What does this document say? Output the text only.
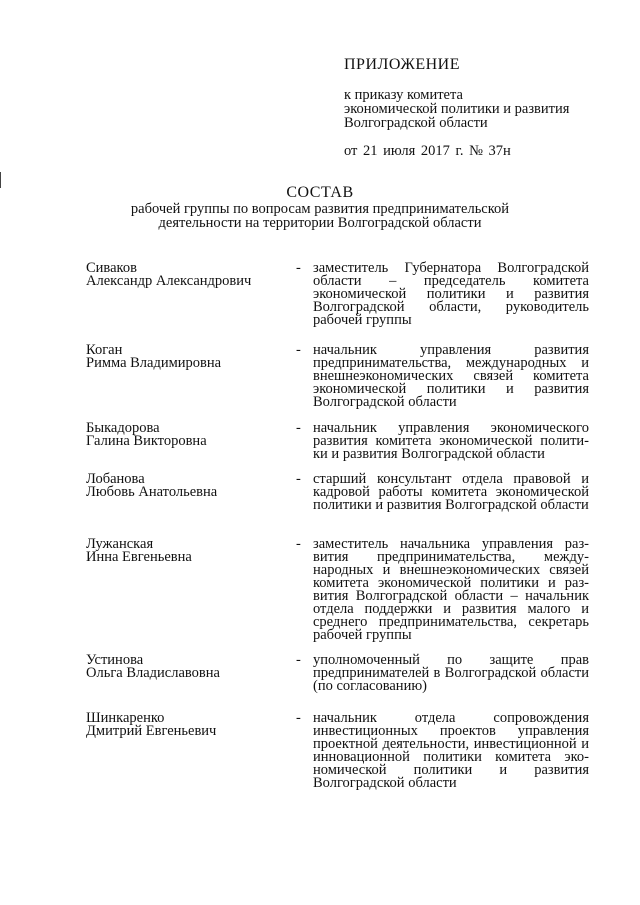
ПРИЛОЖЕНИЕ
к приказу комитета
экономической политики и развития
Волгоградской области
от 21 июля 2017 г. № 37н
СОСТАВ
рабочей группы по вопросам развития предпринимательской
деятельности на территории Волгоградской области
Сиваков
Александр Александрович
- заместитель Губернатора Волгоградской области – председатель комитета экономической политики и развития Волгоградской области, руководитель рабочей группы
Коган
Римма Владимировна
- начальник управления развития предпринимательства, международных и внешнеэкономических связей комитета экономической политики и развития Волгоградской области
Быкадорова
Галина Викторовна
- начальник управления экономического развития комитета экономической полити-ки и развития Волгоградской области
Лобанова
Любовь Анатольевна
- старший консультант отдела правовой и кадровой работы комитета экономической политики и развития Волгоградской области
Лужанская
Инна Евгеньевна
- заместитель начальника управления раз-вития предпринимательства, между-народных и внешнеэкономических связей комитета экономической политики и раз-вития Волгоградской области – начальник отдела поддержки и развития малого и среднего предпринимательства, секретарь рабочей группы
Устинова
Ольга Владиславовна
- уполномоченный по защите прав предпринимателей в Волгоградской области (по согласованию)
Шинкаренко
Дмитрий Евгеньевич
- начальник отдела сопровождения инвестиционных проектов управления проектной деятельности, инвестиционной и инновационной политики комитета эко-номической политики и развития Волгоградской области
